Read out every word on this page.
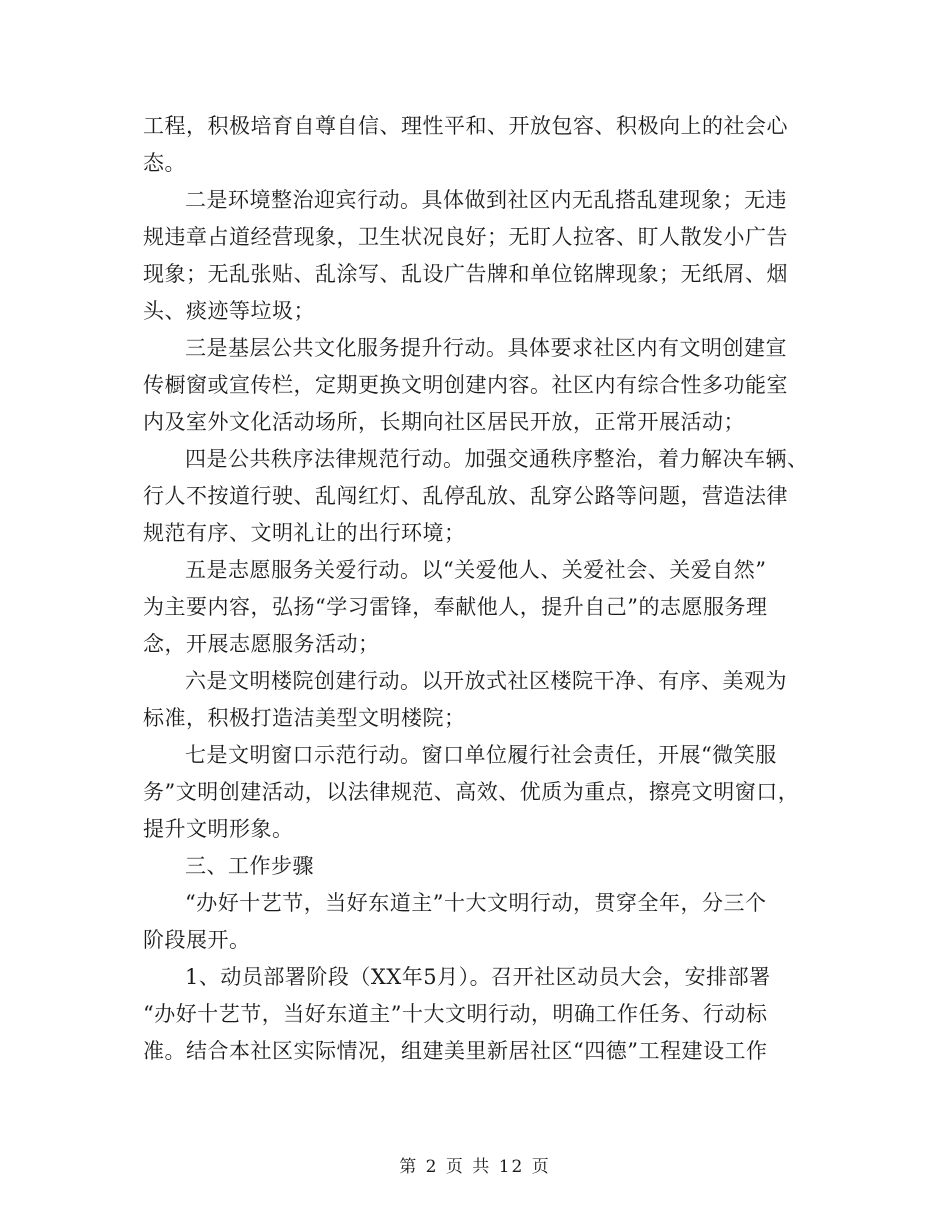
工程，积极培育自尊自信、理性平和、开放包容、积极向上的社会心
态。
二是环境整治迎宾行动。具体做到社区内无乱搭乱建现象；无违
规违章占道经营现象，卫生状况良好；无盯人拉客、盯人散发小广告
现象；无乱张贴、乱涂写、乱设广告牌和单位铭牌现象；无纸屑、烟
头、痰迹等垃圾；
三是基层公共文化服务提升行动。具体要求社区内有文明创建宣
传橱窗或宣传栏，定期更换文明创建内容。社区内有综合性多功能室
内及室外文化活动场所，长期向社区居民开放，正常开展活动；
四是公共秩序法律规范行动。加强交通秩序整治，着力解决车辆、
行人不按道行驶、乱闯红灯、乱停乱放、乱穿公路等问题，营造法律
规范有序、文明礼让的出行环境；
五是志愿服务关爱行动。以“关爱他人、关爱社会、关爱自然”
为主要内容，弘扬“学习雷锋，奉献他人，提升自己”的志愿服务理
念，开展志愿服务活动；
六是文明楼院创建行动。以开放式社区楼院干净、有序、美观为
标准，积极打造洁美型文明楼院；
七是文明窗口示范行动。窗口单位履行社会责任，开展“微笑服
务”文明创建活动，以法律规范、高效、优质为重点，擦亮文明窗口，
提升文明形象。
三、工作步骤
“办好十艺节，当好东道主”十大文明行动，贯穿全年，分三个
阶段展开。
1、动员部署阶段（XX年5月）。召开社区动员大会，安排部署
“办好十艺节，当好东道主”十大文明行动，明确工作任务、行动标
准。结合本社区实际情况，组建美里新居社区“四德”工程建设工作
第 2 页 共 12 页
